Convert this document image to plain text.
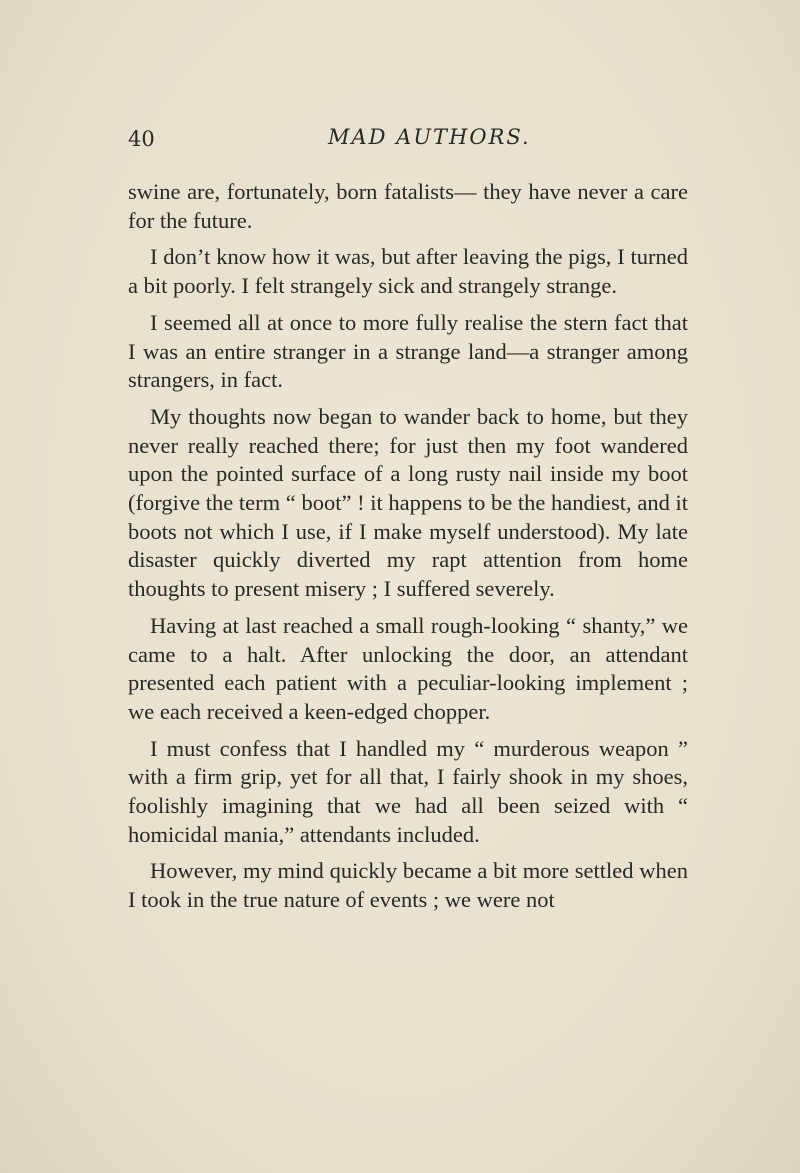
40	MAD AUTHORS.

swine are, fortunately, born fatalists— they have never a care for the future.

I don’t know how it was, but after leaving the pigs, I turned a bit poorly. I felt strangely sick and strangely strange.

I seemed all at once to more fully realise the stern fact that I was an entire stranger in a strange land—a stranger among strangers, in fact.

My thoughts now began to wander back to home, but they never really reached there; for just then my foot wandered upon the pointed surface of a long rusty nail inside my boot (forgive the term “ boot” ! it happens to be the handiest, and it boots not which I use, if I make myself understood). My late disaster quickly diverted my rapt attention from home thoughts to present misery ; I suffered severely.

Having at last reached a small rough-looking “ shanty,” we came to a halt. After unlocking the door, an attendant presented each patient with a peculiar-looking implement ; we each received a keen-edged chopper.

I must confess that I handled my “ murderous weapon ” with a firm grip, yet for all that, I fairly shook in my shoes, foolishly imagining that we had all been seized with “ homicidal mania,” attendants included.

However, my mind quickly became a bit more settled when I took in the true nature of events ; we were not
